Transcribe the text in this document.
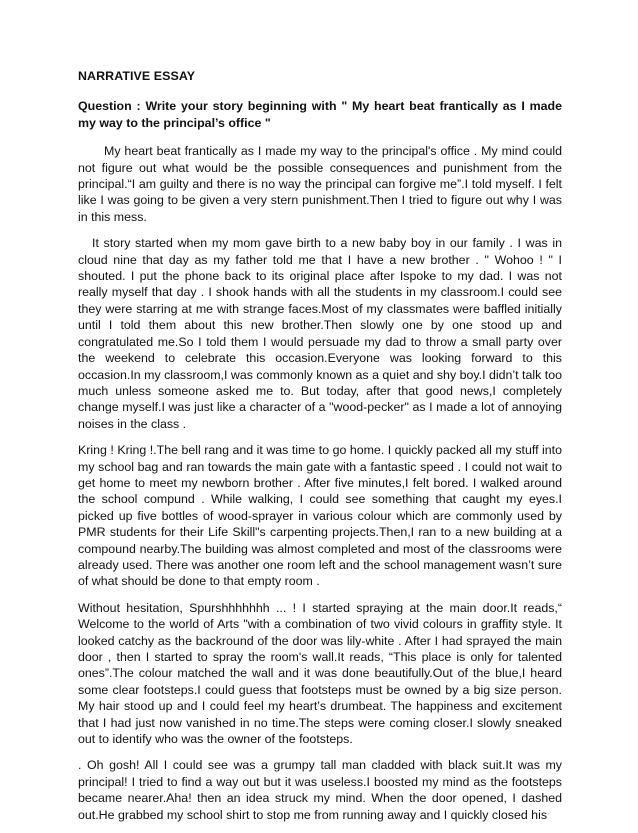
NARRATIVE ESSAY
Question : Write your story beginning with " My heart beat frantically as I made my way to the principal’s office "

My heart beat frantically as I made my way to the principal's office . My mind could not figure out what would be the possible consequences and punishment from the principal.“I am guilty and there is no way the principal can forgive me”.I told myself. I felt like I was going to be given a very stern punishment.Then I tried to figure out why I was in this mess.

It story started when my mom gave birth to a new baby boy in our family . I was in cloud nine that day as my father told me that I have a new brother . " Wohoo ! " I shouted. I put the phone back to its original place after Ispoke to my dad. I was not really myself that day . I shook hands with all the students in my classroom.I could see they were starring at me with strange faces.Most of my classmates were baffled initially until I told them about this new brother.Then slowly one by one stood up and congratulated me.So I told them I would persuade my dad to throw a small party over the weekend to celebrate this occasion.Everyone was looking forward to this occasion.In my classroom,I was commonly known as a quiet and shy boy.I didn’t talk too much unless someone asked me to. But today, after that good news,I completely change myself.I was just like a character of a "wood-pecker" as I made a lot of annoying noises in the class .

Kring ! Kring !.The bell rang and it was time to go home. I quickly packed all my stuff into my school bag and ran towards the main gate with a fantastic speed . I could not wait to get home to meet my newborn brother . After five minutes,I felt bored. I walked around the school compund . While walking, I could see something that caught my eyes.I picked up five bottles of wood-sprayer in various colour which are commonly used by PMR students for their Life Skill"s carpenting projects.Then,I ran to a new building at a compound nearby.The building was almost completed and most of the classrooms were already used. There was another one room left and the school management wasn’t sure of what should be done to that empty room .

Without hesitation, Spurshhhhhhh ... ! I started spraying at the main door.It reads,“ Welcome to the world of Arts "with a combination of two vivid colours in graffity style. It looked catchy as the backround of the door was lily-white . After I had sprayed the main door , then I started to spray the room's wall.It reads, “This place is only for talented ones”.The colour matched the wall and it was done beautifully.Out of the blue,I heard some clear footsteps.I could guess that footsteps must be owned by a big size person. My hair stood up and I could feel my heart’s drumbeat. The happiness and excitement that I had just now vanished in no time.The steps were coming closer.I slowly sneaked out to identify who was the owner of the footsteps.

. Oh gosh! All I could see was a grumpy tall man cladded with black suit.It was my principal! I tried to find a way out but it was useless.I boosted my mind as the footsteps became nearer.Aha! then an idea struck my mind. When the door opened, I dashed out.He grabbed my school shirt to stop me from running away and I quickly closed his
